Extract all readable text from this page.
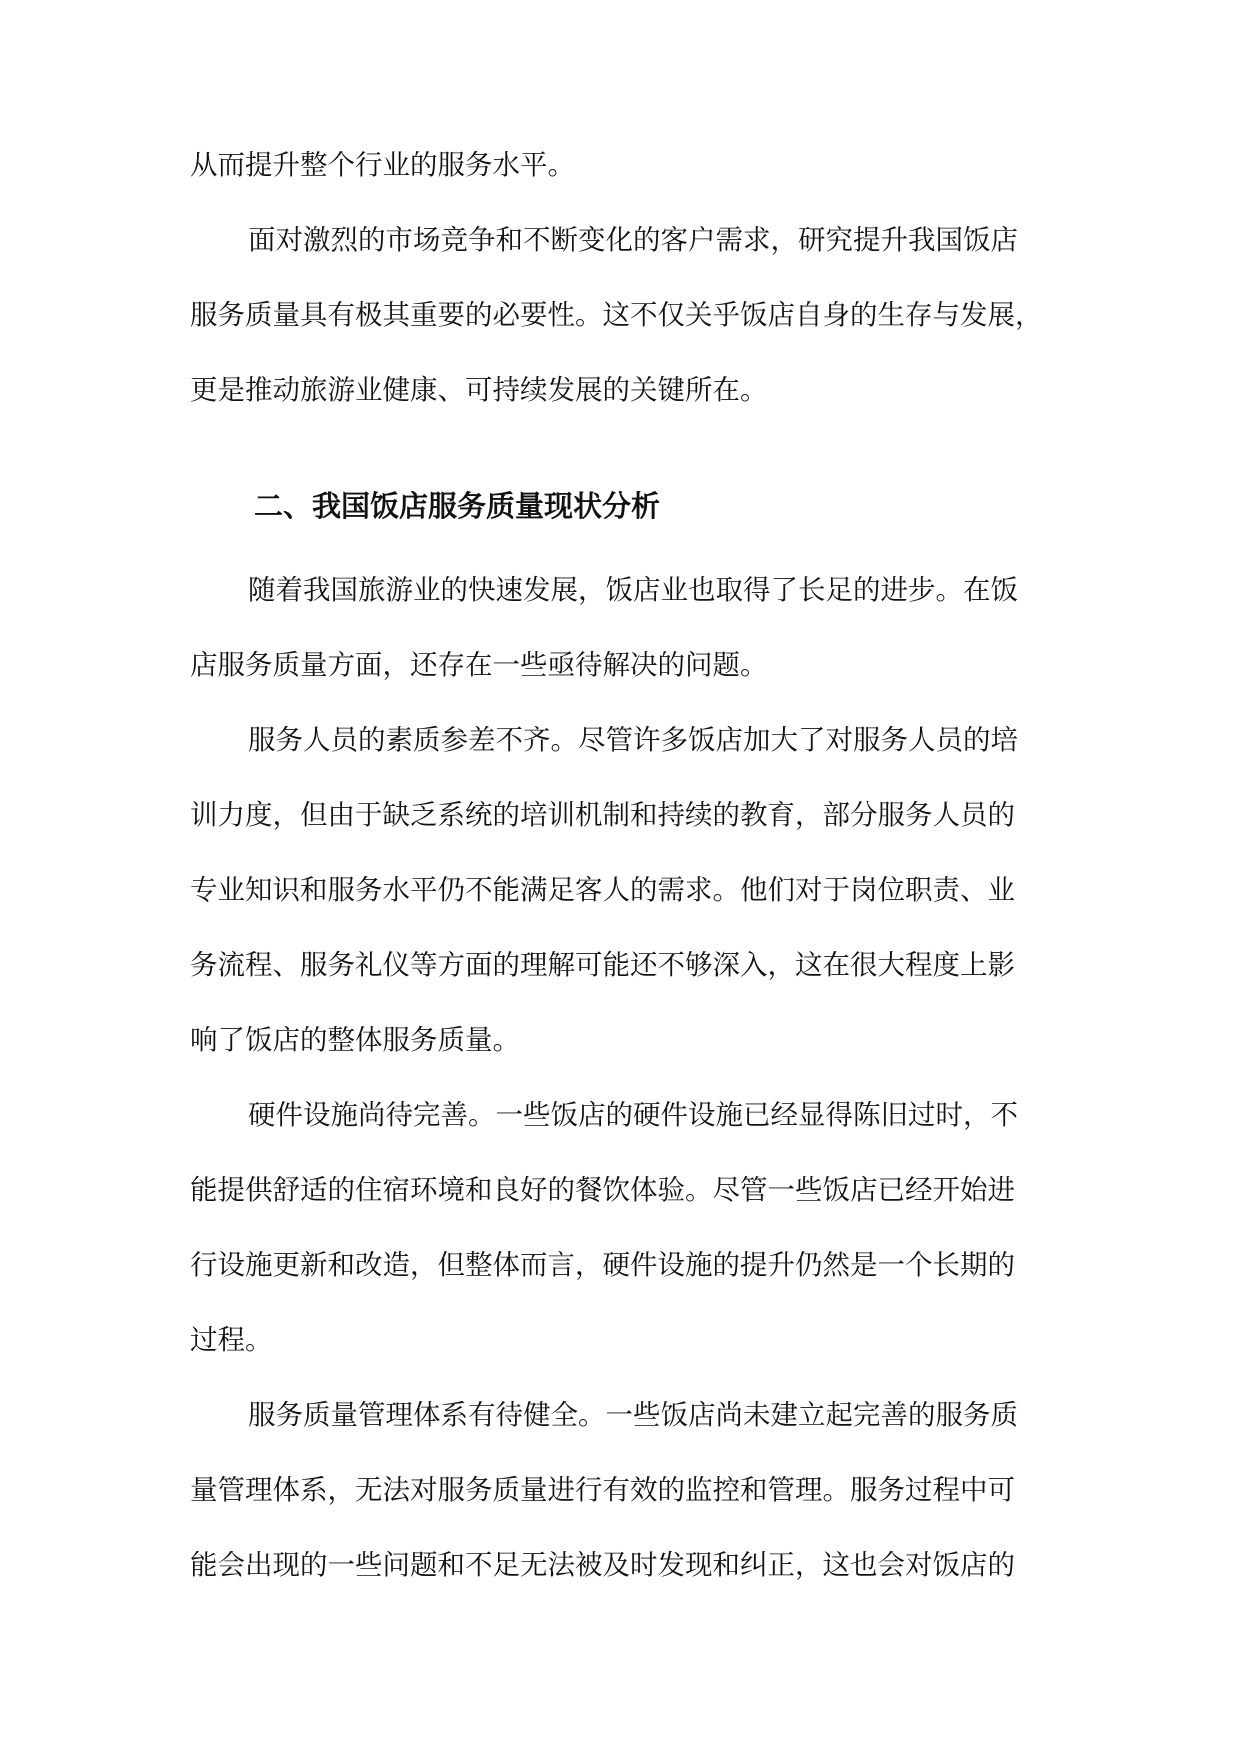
从而提升整个行业的服务水平。
面对激烈的市场竞争和不断变化的客户需求，研究提升我国饭店
服务质量具有极其重要的必要性。这不仅关乎饭店自身的生存与发展，
更是推动旅游业健康、可持续发展的关键所在。
二、我国饭店服务质量现状分析
随着我国旅游业的快速发展，饭店业也取得了长足的进步。在饭
店服务质量方面，还存在一些亟待解决的问题。
服务人员的素质参差不齐。尽管许多饭店加大了对服务人员的培
训力度，但由于缺乏系统的培训机制和持续的教育，部分服务人员的
专业知识和服务水平仍不能满足客人的需求。他们对于岗位职责、业
务流程、服务礼仪等方面的理解可能还不够深入，这在很大程度上影
响了饭店的整体服务质量。
硬件设施尚待完善。一些饭店的硬件设施已经显得陈旧过时，不
能提供舒适的住宿环境和良好的餐饮体验。尽管一些饭店已经开始进
行设施更新和改造，但整体而言，硬件设施的提升仍然是一个长期的
过程。
服务质量管理体系有待健全。一些饭店尚未建立起完善的服务质
量管理体系，无法对服务质量进行有效的监控和管理。服务过程中可
能会出现的一些问题和不足无法被及时发现和纠正，这也会对饭店的
